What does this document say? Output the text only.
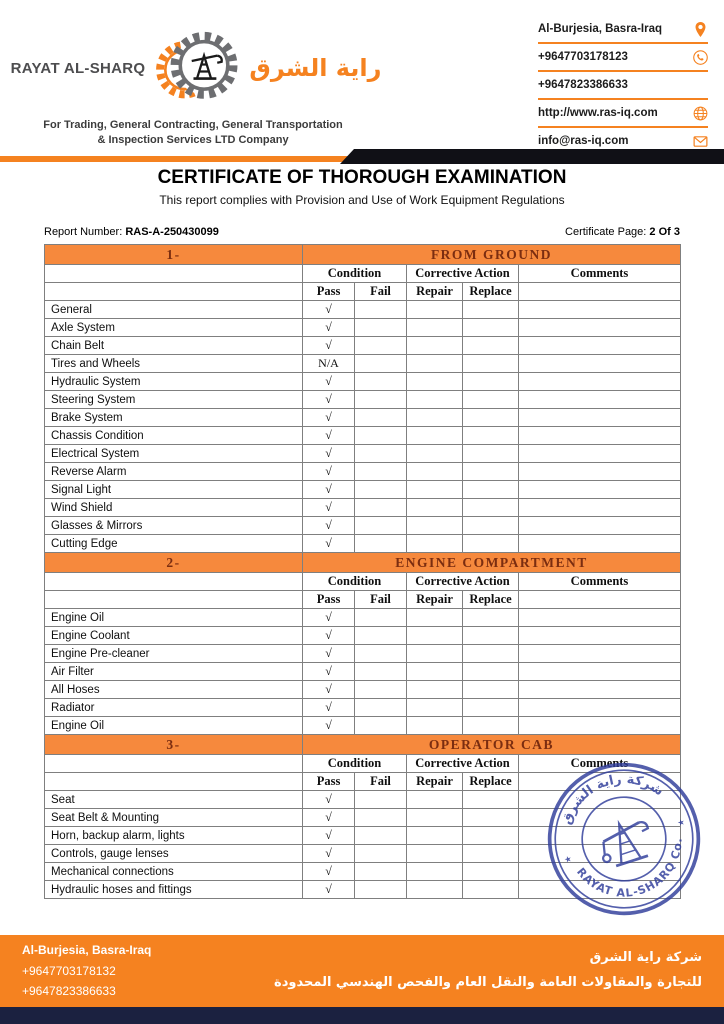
RAYAT AL-SHARQ	راية الشرق
For Trading, General Contracting, General Transportation
& Inspection Services LTD Company
Al-Burjesia, Basra-Iraq
+9647703178123
+9647823386633
http://www.ras-iq.com
info@ras-iq.com
CERTIFICATE OF THOROUGH EXAMINATION
This report complies with Provision and Use of Work Equipment Regulations
Report Number: RAS-A-250430099	Certificate Page: 2 Of 3
1-	FROM GROUND				
	Condition		Corrective Action		Comments
	Pass	Fail	Repair	Replace	
General	√				
Axle System	√				
Chain Belt	√				
Tires and Wheels	N/A				
Hydraulic System	√				
Steering System	√				
Brake System	√				
Chassis Condition	√				
Electrical System	√				
Reverse Alarm	√				
Signal Light	√				
Wind Shield	√				
Glasses & Mirrors	√				
Cutting Edge	√				
2-	ENGINE COMPARTMENT				
	Condition		Corrective Action		Comments
	Pass	Fail	Repair	Replace	
Engine Oil	√				
Engine Coolant	√				
Engine Pre-cleaner	√				
Air Filter	√				
All Hoses	√				
Radiator	√				
Engine Oil	√				
3-	OPERATOR CAB				
	Condition		Corrective Action		Comments
	Pass	Fail	Repair	Replace	
Seat	√				
Seat Belt & Mounting	√				
Horn, backup alarm, lights	√				
Controls, gauge lenses	√				
Mechanical connections	√				
Hydraulic hoses and fittings	√				
شركة راية الشرق
RAYAT AL-SHARQ Co.
★
★
Al-Burjesia, Basra-Iraq
+9647703178132
+9647823386633
شركة راية الشرق
للتجارة والمقاولات العامة والنقل العام والفحص الهندسي المحدودة
